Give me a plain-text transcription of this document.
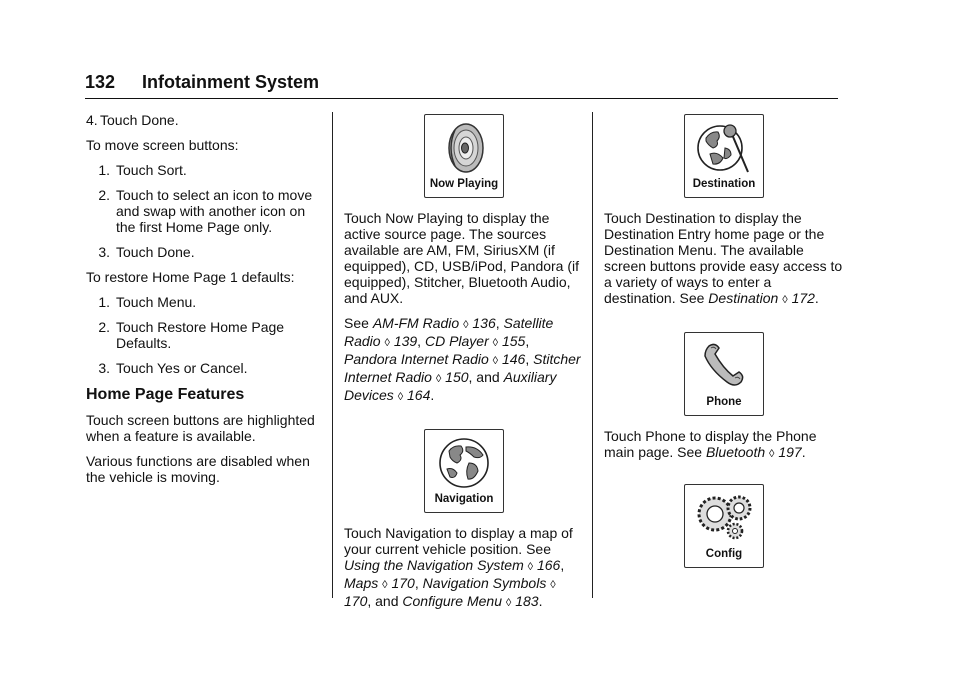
132 Infotainment System
4. Touch Done.

To move screen buttons:

1. Touch Sort.
2. Touch to select an icon to move and swap with another icon on the first Home Page only.
3. Touch Done.

To restore Home Page 1 defaults:

1. Touch Menu.
2. Touch Restore Home Page Defaults.
3. Touch Yes or Cancel.
Home Page Features

Touch screen buttons are highlighted when a feature is available.

Various functions are disabled when the vehicle is moving.

Now Playing

Touch Now Playing to display the active source page. The sources available are AM, FM, SiriusXM (if equipped), CD, USB/iPod, Pandora (if equipped), Stitcher, Bluetooth Audio, and AUX.

See AM-FM Radio ◊ 136, Satellite Radio ◊ 139, CD Player ◊ 155, Pandora Internet Radio ◊ 146, Stitcher Internet Radio ◊ 150, and Auxiliary Devices ◊ 164.

Navigation

Touch Navigation to display a map of your current vehicle position. See Using the Navigation System ◊ 166, Maps ◊ 170, Navigation Symbols ◊ 170, and Configure Menu ◊ 183.

Destination

Touch Destination to display the Destination Entry home page or the Destination Menu. The available screen buttons provide easy access to a variety of ways to enter a destination. See Destination ◊ 172.

Phone

Touch Phone to display the Phone main page. See Bluetooth ◊ 197.

Config
